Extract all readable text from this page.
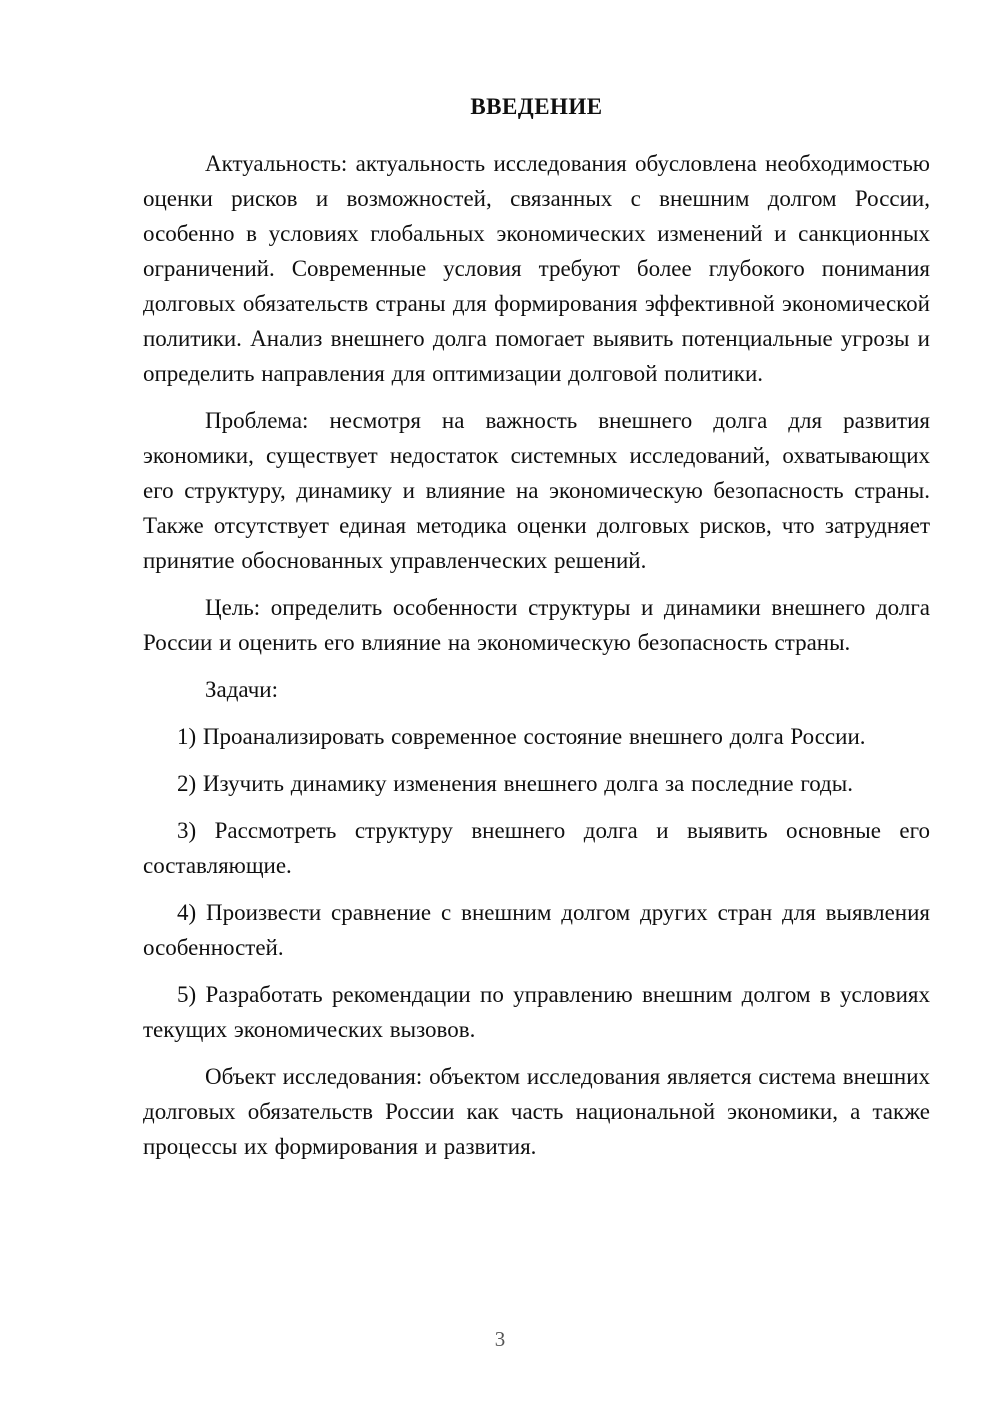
ВВЕДЕНИЕ

Актуальность: актуальность исследования обусловлена необходимостью оценки рисков и возможностей, связанных с внешним долгом России, особенно в условиях глобальных экономических изменений и санкционных ограничений. Современные условия требуют более глубокого понимания долговых обязательств страны для формирования эффективной экономической политики. Анализ внешнего долга помогает выявить потенциальные угрозы и определить направления для оптимизации долговой политики.

Проблема: несмотря на важность внешнего долга для развития экономики, существует недостаток системных исследований, охватывающих его структуру, динамику и влияние на экономическую безопасность страны. Также отсутствует единая методика оценки долговых рисков, что затрудняет принятие обоснованных управленческих решений.

Цель: определить особенности структуры и динамики внешнего долга России и оценить его влияние на экономическую безопасность страны.

Задачи:

1) Проанализировать современное состояние внешнего долга России.

2) Изучить динамику изменения внешнего долга за последние годы.

3) Рассмотреть структуру внешнего долга и выявить основные его составляющие.

4) Произвести сравнение с внешним долгом других стран для выявления особенностей.

5) Разработать рекомендации по управлению внешним долгом в условиях текущих экономических вызовов.

Объект исследования: объектом исследования является система внешних долговых обязательств России как часть национальной экономики, а также процессы их формирования и развития.

3
